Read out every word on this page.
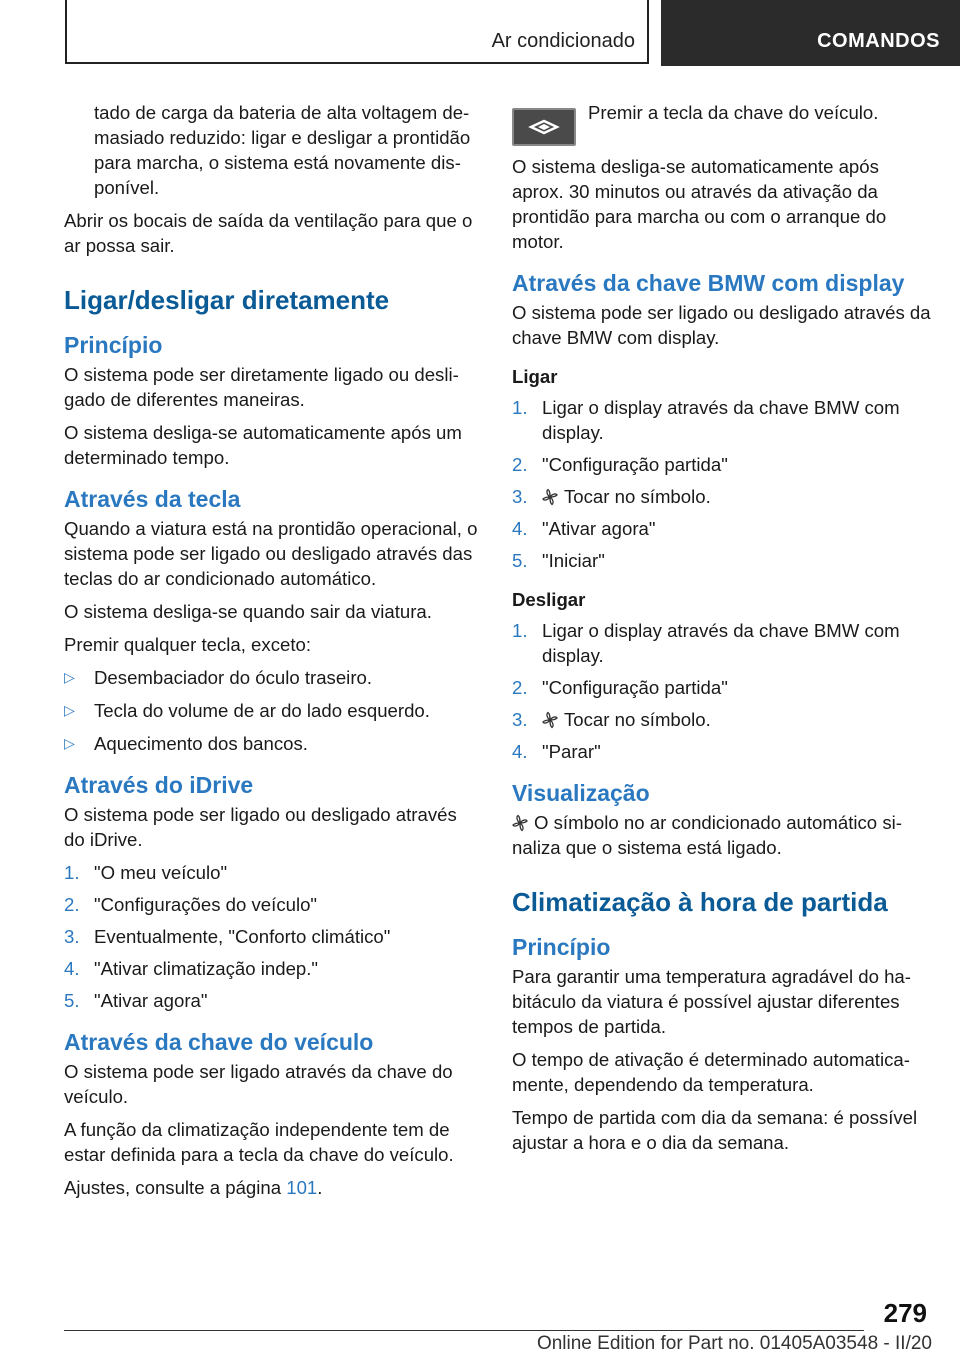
Ar condicionado	COMANDOS

tado de carga da bateria de alta voltagem demasiado reduzido: ligar e desligar a prontidão para marcha, o sistema está novamente disponível.

Abrir os bocais de saída da ventilação para que o ar possa sair.

Ligar/desligar diretamente
Princípio

O sistema pode ser diretamente ligado ou desligado de diferentes maneiras.

O sistema desliga-se automaticamente após um determinado tempo.

Através da tecla

Quando a viatura está na prontidão operacional, o sistema pode ser ligado ou desligado através das teclas do ar condicionado automático.

O sistema desliga-se quando sair da viatura.

Premir qualquer tecla, exceto:

▷ Desembaciador do óculo traseiro.
▷ Tecla do volume de ar do lado esquerdo.
▷ Aquecimento dos bancos.
Através do iDrive

O sistema pode ser ligado ou desligado através do iDrive.

1. "O meu veículo"
2. "Configurações do veículo"
3. Eventualmente, "Conforto climático"
4. "Ativar climatização indep."
5. "Ativar agora"
Através da chave do veículo

O sistema pode ser ligado através da chave do veículo.

A função da climatização independente tem de estar definida para a tecla da chave do veículo.

Ajustes, consulte a página 101.

Premir a tecla da chave do veículo.

O sistema desliga-se automaticamente após aprox. 30 minutos ou através da ativação da prontidão para marcha ou com o arranque do motor.

Através da chave BMW com display

O sistema pode ser ligado ou desligado através da chave BMW com display.

Ligar
1. Ligar o display através da chave BMW com display.
2. "Configuração partida"
3. Tocar no símbolo.
4. "Ativar agora"
5. "Iniciar"
Desligar
1. Ligar o display através da chave BMW com display.
2. "Configuração partida"
3. Tocar no símbolo.
4. "Parar"
Visualização

O símbolo no ar condicionado automático sinaliza que o sistema está ligado.

Climatização à hora de partida
Princípio

Para garantir uma temperatura agradável do habitáculo da viatura é possível ajustar diferentes tempos de partida.

O tempo de ativação é determinado automaticamente, dependendo da temperatura.

Tempo de partida com dia da semana: é possível ajustar a hora e o dia da semana.

279
Online Edition for Part no. 01405A03548 - II/20
